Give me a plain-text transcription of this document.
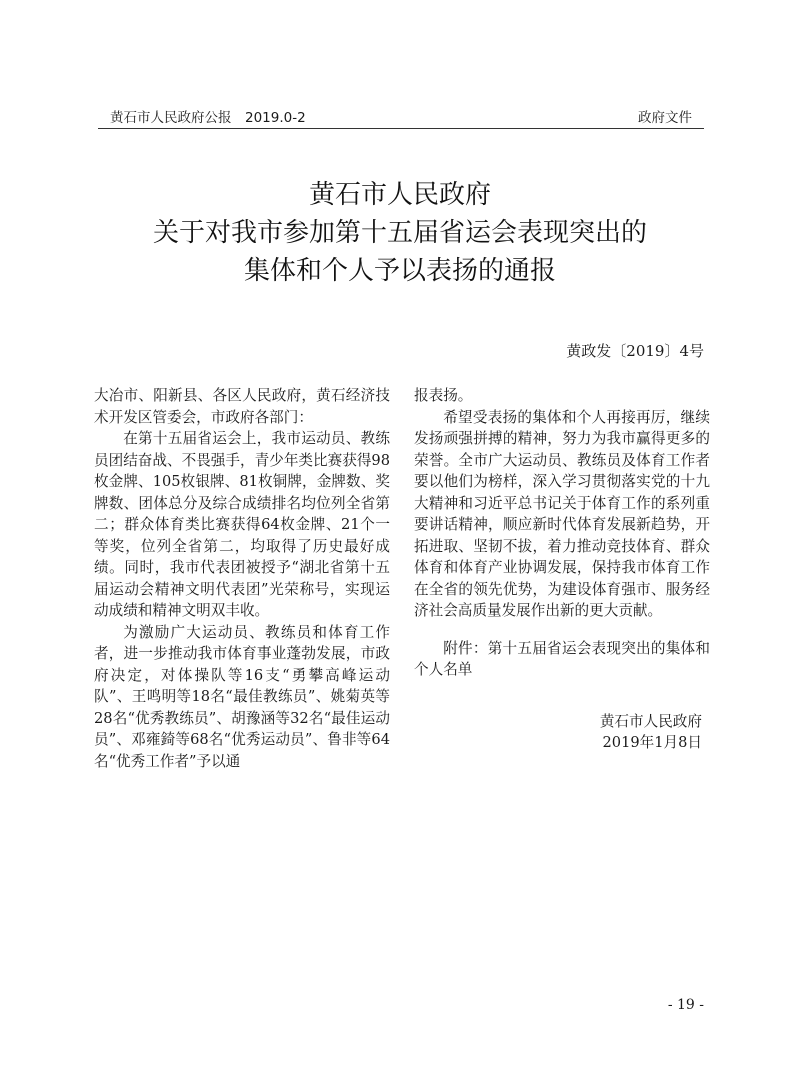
黄石市人民政府公报　2019.0-2	政府文件
黄石市人民政府
关于对我市参加第十五届省运会表现突出的
集体和个人予以表扬的通报
黄政发〔2019〕4号

大冶市、阳新县、各区人民政府，黄石经济技术开发区管委会，市政府各部门：

在第十五届省运会上，我市运动员、教练员团结奋战、不畏强手，青少年类比赛获得98枚金牌、105枚银牌、81枚铜牌，金牌数、奖牌数、团体总分及综合成绩排名均位列全省第二；群众体育类比赛获得64枚金牌、21个一等奖，位列全省第二，均取得了历史最好成绩。同时，我市代表团被授予“湖北省第十五届运动会精神文明代表团”光荣称号，实现运动成绩和精神文明双丰收。

为激励广大运动员、教练员和体育工作者，进一步推动我市体育事业蓬勃发展，市政府决定，对体操队等16支“勇攀高峰运动队”、王鸣明等18名“最佳教练员”、姚菊英等28名“优秀教练员”、胡豫涵等32名“最佳运动员”、邓雍錡等68名“优秀运动员”、鲁非等64名“优秀工作者”予以通

报表扬。

希望受表扬的集体和个人再接再厉，继续发扬顽强拼搏的精神，努力为我市赢得更多的荣誉。全市广大运动员、教练员及体育工作者要以他们为榜样，深入学习贯彻落实党的十九大精神和习近平总书记关于体育工作的系列重要讲话精神，顺应新时代体育发展新趋势，开拓进取、坚韧不拔，着力推动竞技体育、群众体育和体育产业协调发展，保持我市体育工作在全省的领先优势，为建设体育强市、服务经济社会高质量发展作出新的更大贡献。

附件：第十五届省运会表现突出的集体和个人名单

黄石市人民政府

2019年1月8日

- 19 -
